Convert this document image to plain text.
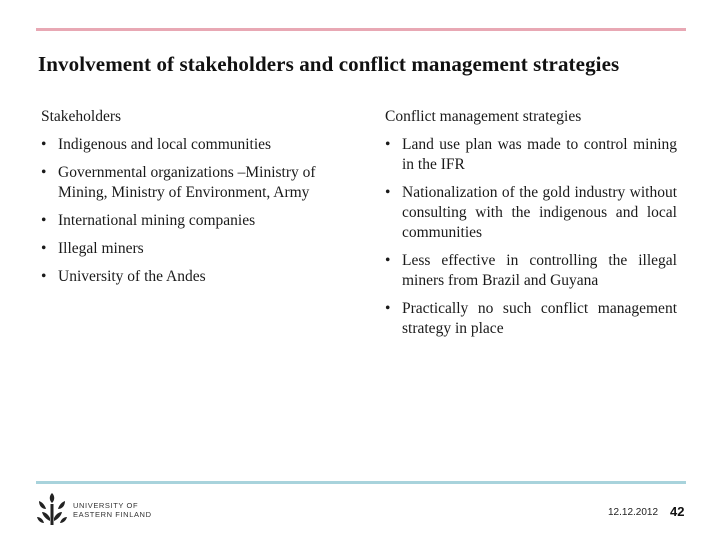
Involvement of stakeholders and conflict management strategies
Stakeholders
• Indigenous and local communities
• Governmental organizations –Ministry of Mining, Ministry of Environment, Army
• International mining companies
• Illegal miners
• University of the Andes
Conflict management strategies
• Land use plan was made to control mining in the IFR
• Nationalization of the gold industry without consulting with the indigenous and local communities
• Less effective in controlling the illegal miners from Brazil and Guyana
• Practically no such conflict management strategy in place
UNIVERSITY OF
EASTERN FINLAND	12.12.2012 42
